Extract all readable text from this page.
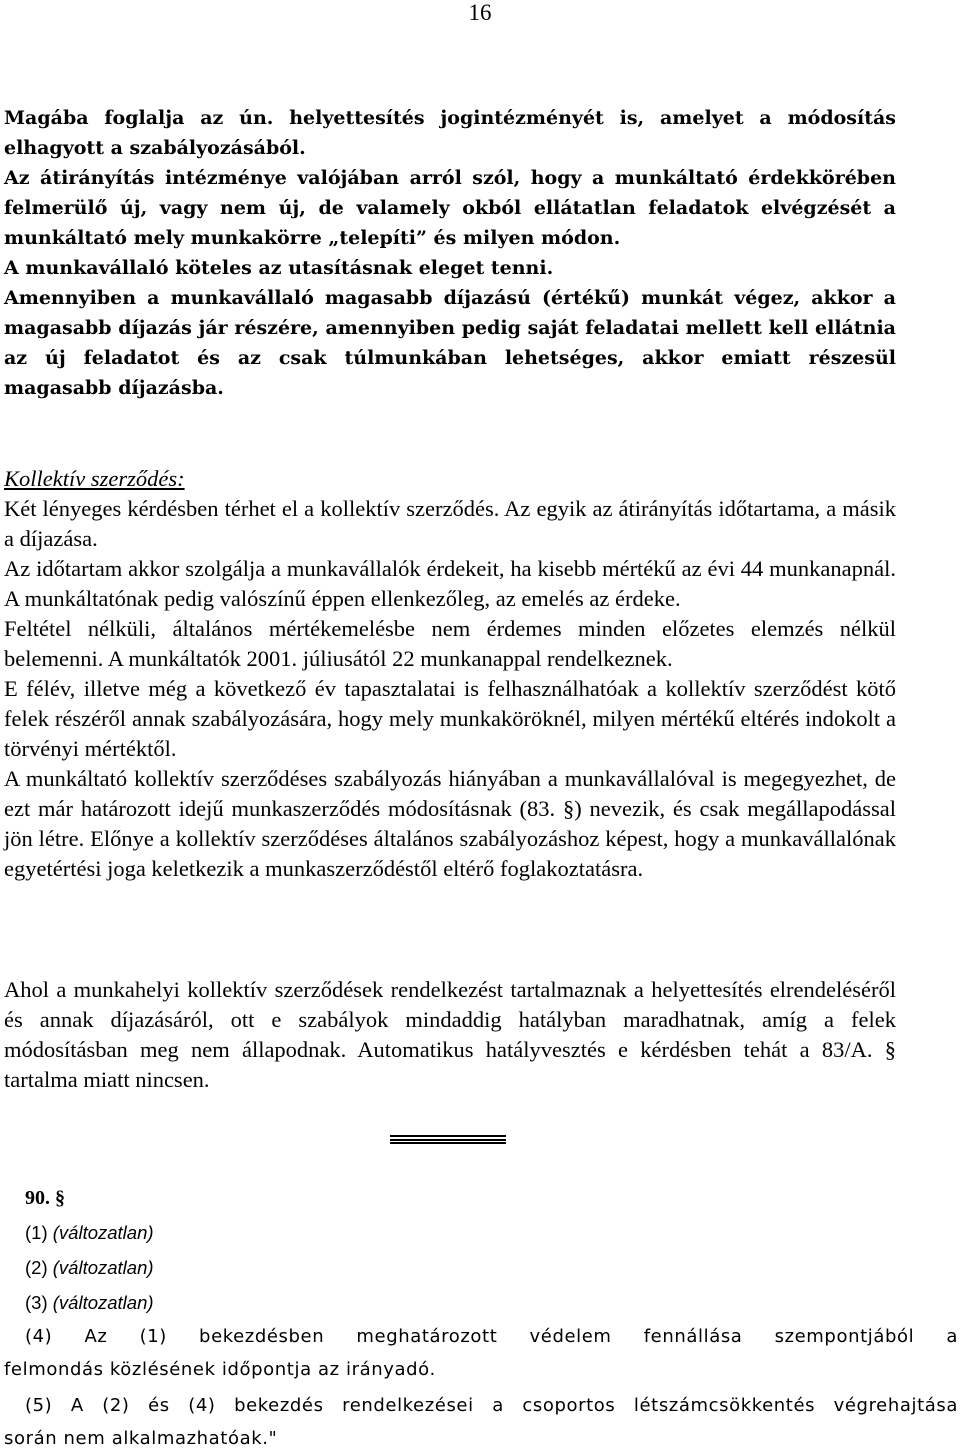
16

Magába foglalja az ún. helyettesítés jogintézményét is, amelyet a módosítás elhagyott a szabályozásából.

Az átirányítás intézménye valójában arról szól, hogy a munkáltató érdekkörében felmerülő új, vagy nem új, de valamely okból ellátatlan feladatok elvégzését a munkáltató mely munkakörre „telepíti” és milyen módon.

A munkavállaló köteles az utasításnak eleget tenni.

Amennyiben a munkavállaló magasabb díjazású (értékű) munkát végez, akkor a magasabb díjazás jár részére, amennyiben pedig saját feladatai mellett kell ellátnia az új feladatot és az csak túlmunkában lehetséges, akkor emiatt részesül magasabb díjazásba.

Kollektív szerződés:

Két lényeges kérdésben térhet el a kollektív szerződés. Az egyik az átirányítás időtartama, a másik a díjazása.

Az időtartam akkor szolgálja a munkavállalók érdekeit, ha kisebb mértékű az évi 44 munkanapnál. A munkáltatónak pedig valószínű éppen ellenkezőleg, az emelés az érdeke.

Feltétel nélküli, általános mértékemelésbe nem érdemes minden előzetes elemzés nélkül belemenni. A munkáltatók 2001. júliusától 22 munkanappal rendelkeznek.

E félév, illetve még a következő év tapasztalatai is felhasználhatóak a kollektív szerződést kötő felek részéről annak szabályozására, hogy mely munkaköröknél, milyen mértékű eltérés indokolt a törvényi mértéktől.

A munkáltató kollektív szerződéses szabályozás hiányában a munkavállalóval is megegyezhet, de ezt már határozott idejű munkaszerződés módosításnak (83. §) nevezik, és csak megállapodással jön létre. Előnye a kollektív szerződéses általános szabályozáshoz képest, hogy a munkavállalónak egyetértési joga keletkezik a munkaszerződéstől eltérő foglakoztatásra.

Ahol a munkahelyi kollektív szerződések rendelkezést tartalmaznak a helyettesítés elrendeléséről és annak díjazásáról, ott e szabályok mindaddig hatályban maradhatnak, amíg a felek módosításban meg nem állapodnak. Automatikus hatályvesztés e kérdésben tehát a 83/A. § tartalma miatt nincsen.

90. §
(1) (változatlan)
(2) (változatlan)
(3) (változatlan)

(4) Az (1) bekezdésben meghatározott védelem fennállása szempontjából a
felmondás közlésének időpontja az irányadó.

(5) A (2) és (4) bekezdés rendelkezései a csoportos létszámcsökkentés végrehajtása
során nem alkalmazhatóak."
